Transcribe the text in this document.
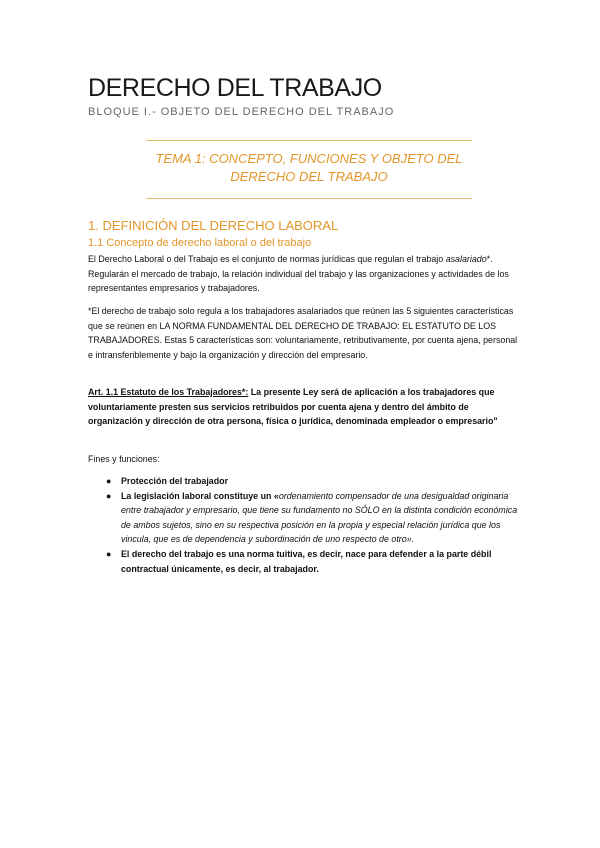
DERECHO DEL TRABAJO

BLOQUE I.- OBJETO DEL DERECHO DEL TRABAJO

TEMA 1: CONCEPTO, FUNCIONES Y OBJETO DEL
DERECHO DEL TRABAJO

1. DEFINICIÓN DEL DERECHO LABORAL
1.1 Concepto de derecho laboral o del trabajo

El Derecho Laboral o del Trabajo es el conjunto de normas jurídicas que regulan el trabajo asalariado*. Regularán el mercado de trabajo, la relación individual del trabajo y las organizaciones y actividades de los representantes empresarios y trabajadores.

*El derecho de trabajo solo regula a los trabajadores asalariados que reúnen las 5 siguientes características que se reúnen en LA NORMA FUNDAMENTAL DEL DERECHO DE TRABAJO: EL ESTATUTO DE LOS TRABAJADORES. Estas 5 características son: voluntariamente, retributivamente, por cuenta ajena, personal e intransferiblemente y bajo la organización y dirección del empresario.

Art. 1.1 Estatuto de los Trabajadores*: La presente Ley será de aplicación a los trabajadores que voluntariamente presten sus servicios retribuidos por cuenta ajena y dentro del ámbito de organización y dirección de otra persona, física o jurídica, denominada empleador o empresario"

Fines y funciones:

● Protección del trabajador
● La legislación laboral constituye un «ordenamiento compensador de una desigualdad originaria entre trabajador y empresario, que tiene su fundamento no SÓLO en la distinta condición económica de ambos sujetos, sino en su respectiva posición en la propia y especial relación jurídica que los vincula, que es de dependencia y subordinación de uno respecto de otro».
● El derecho del trabajo es una norma tuitiva, es decir, nace para defender a la parte débil contractual únicamente, es decir, al trabajador.
